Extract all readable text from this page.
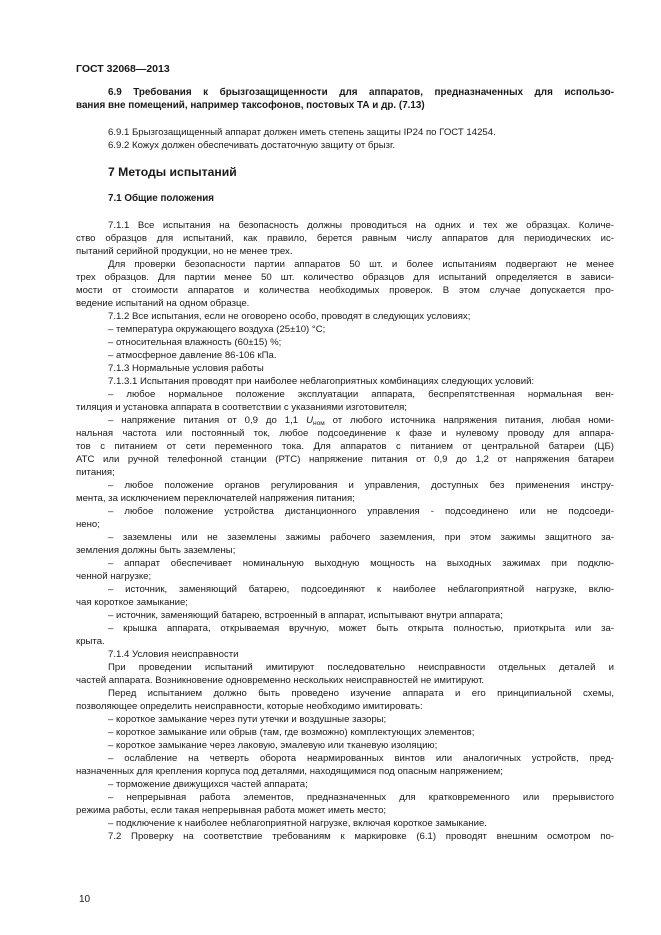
ГОСТ 32068—2013
6.9 Требования к брызгозащищенности для аппаратов, предназначенных для использо-
вания вне помещений, например таксофонов, постовых ТА и др. (7.13)
6.9.1 Брызгозащищенный аппарат должен иметь степень защиты IP24 по ГОСТ 14254.
6.9.2 Кожух должен обеспечивать достаточную защиту от брызг.
7 Методы испытаний
7.1 Общие положения
7.1.1 Все испытания на безопасность должны проводиться на одних и тех же образцах. Количе-
ство образцов для испытаний, как правило, берется равным числу аппаратов для периодических ис-
пытаний серийной продукции, но не менее трех.
Для проверки безопасности партии аппаратов 50 шт. и более испытаниям подвергают не менее
трех образцов. Для партии менее 50 шт. количество образцов для испытаний определяется в зависи-
мости от стоимости аппаратов и количества необходимых проверок. В этом случае допускается про-
ведение испытаний на одном образце.
7.1.2 Все испытания, если не оговорено особо, проводят в следующих условиях;
– температура окружающего воздуха (25±10) °С;
– относительная влажность (60±15) %;
– атмосферное давление 86-106 кПа.
7.1.3 Нормальные условия работы
7.1.3.1 Испытания проводят при наиболее неблагоприятных комбинациях следующих условий:
– любое нормальное положение эксплуатации аппарата, беспрепятственная нормальная вен-
тиляция и установка аппарата в соответствии с указаниями изготовителя;
– напряжение питания от 0,9 до 1,1 $U_{ном}$ от любого источника напряжения питания, любая номи-
нальная частота или постоянный ток, любое подсоединение к фазе и нулевому проводу для аппара-
тов с питанием от сети переменного тока. Для аппаратов с питанием от центральной батареи (ЦБ)
АТС или ручной телефонной станции (РТС) напряжение питания от 0,9 до 1,2 от напряжения батареи
питания;
– любое положение органов регулирования и управления, доступных без применения инстру-
мента, за исключением переключателей напряжения питания;
– любое положение устройства дистанционного управления - подсоединено или не подсоеди-
нено;
– заземлены или не заземлены зажимы рабочего заземления, при этом зажимы защитного за-
земления должны быть заземлены;
– аппарат обеспечивает номинальную выходную мощность на выходных зажимах при подклю-
ченной нагрузке;
– источник, заменяющий батарею, подсоединяют к наиболее неблагоприятной нагрузке, вклю-
чая короткое замыкание;
– источник, заменяющий батарею, встроенный в аппарат, испытывают внутри аппарата;
– крышка аппарата, открываемая вручную, может быть открыта полностью, приоткрыта или за-
крыта.
7.1.4 Условия неисправности
При проведении испытаний имитируют последовательно неисправности отдельных деталей и
частей аппарата. Возникновение одновременно нескольких неисправностей не имитируют.
Перед испытанием должно быть проведено изучение аппарата и его принципиальной схемы,
позволяющее определить неисправности, которые необходимо имитировать:
– короткое замыкание через пути утечки и воздушные зазоры;
– короткое замыкание или обрыв (там, где возможно) комплектующих элементов;
– короткое замыкание через лаковую, эмалевую или тканевую изоляцию;
– ослабление на четверть оборота неармированных винтов или аналогичных устройств, пред-
назначенных для крепления корпуса под деталями, находящимися под опасным напряжением;
– торможение движущихся частей аппарата;
– непрерывная работа элементов, предназначенных для кратковременного или прерывистого
режима работы, если такая непрерывная работа может иметь место;
– подключение к наиболее неблагоприятной нагрузке, включая короткое замыкание.
7.2 Проверку на соответствие требованиям к маркировке (6.1) проводят внешним осмотром по-
10
